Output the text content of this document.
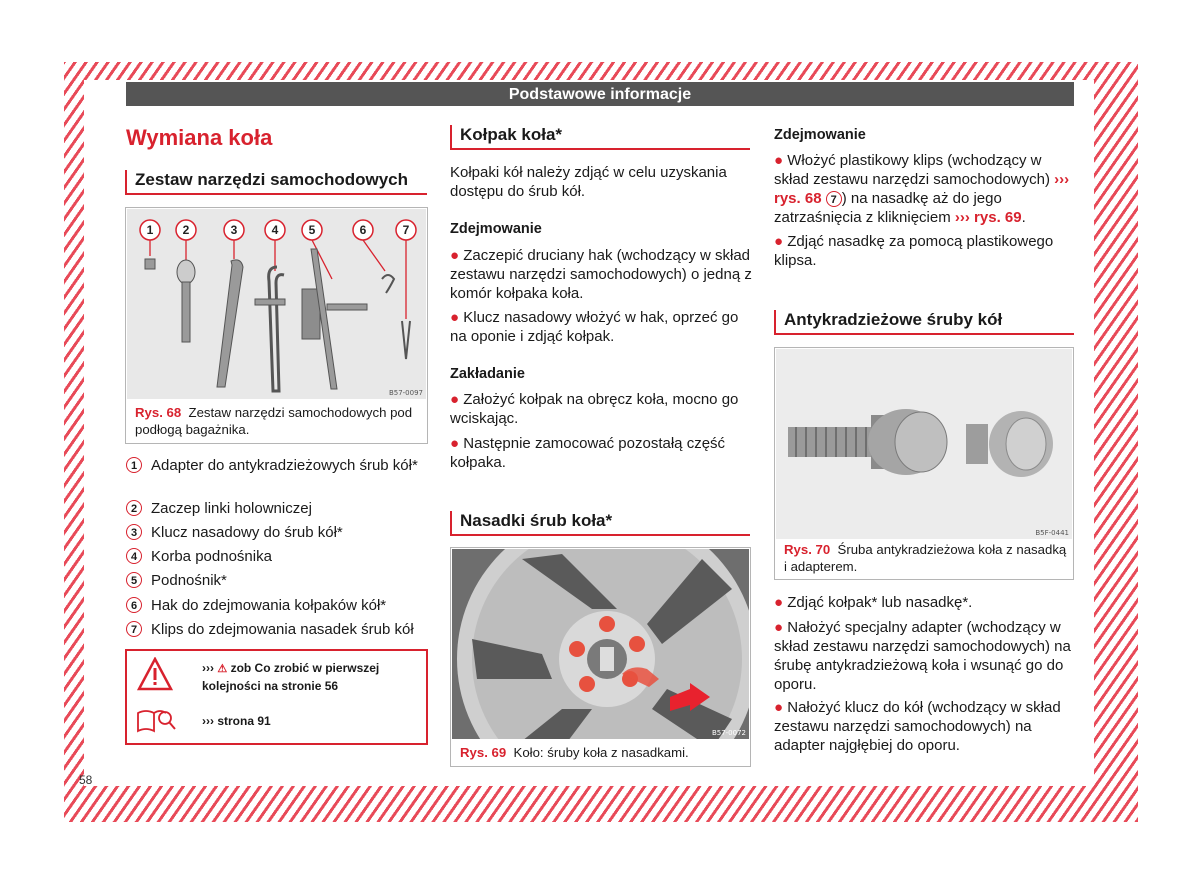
Podstawowe informacje
Wymiana koła
Zestaw narzędzi samochodowych
1 2	3	4	5	6	7
B57-0097
Rys. 68 Zestaw narzędzi samochodowych pod podłogą bagażnika.
1 Adapter do antykradzieżowych śrub kół*
2 Zaczep linki holowniczej
3 Klucz nasadowy do śrub kół*
4 Korba podnośnika
5 Podnośnik*
6 Hak do zdejmowania kołpaków kół*
7 Klips do zdejmowania nasadek śrub kół
››› ⚠ zob Co zrobić w pierwszej kolejności na stronie 56
››› strona 91
Kołpak koła*
Kołpaki kół należy zdjąć w celu uzyskania dostępu do śrub kół.
Zdejmowanie
● Zaczepić druciany hak (wchodzący w skład zestawu narzędzi samochodowych) o jedną z komór kołpaka koła.
● Klucz nasadowy włożyć w hak, oprzeć go na oponie i zdjąć kołpak.
Zakładanie
● Założyć kołpak na obręcz koła, mocno go wciskając.
● Następnie zamocować pozostałą część kołpaka.
Nasadki śrub koła*
B57-0072
Rys. 69 Koło: śruby koła z nasadkami.
Zdejmowanie
● Włożyć plastikowy klips (wchodzący w skład zestawu narzędzi samochodowych) ››› rys. 68 7 ) na nasadkę aż do jego zatrzaśnięcia z kliknięciem ››› rys. 69.
● Zdjąć nasadkę za pomocą plastikowego klipsa.
Antykradzieżowe śruby kół
B5F-0441
Rys. 70 Śruba antykradzieżowa koła z nasadką i adapterem.
● Zdjąć kołpak* lub nasadkę*.
● Nałożyć specjalny adapter (wchodzący w skład zestawu narzędzi samochodowych) na śrubę antykradzieżową koła i wsunąć go do oporu.
● Nałożyć klucz do kół (wchodzący w skład zestawu narzędzi samochodowych) na adapter najgłębiej do oporu.
58
